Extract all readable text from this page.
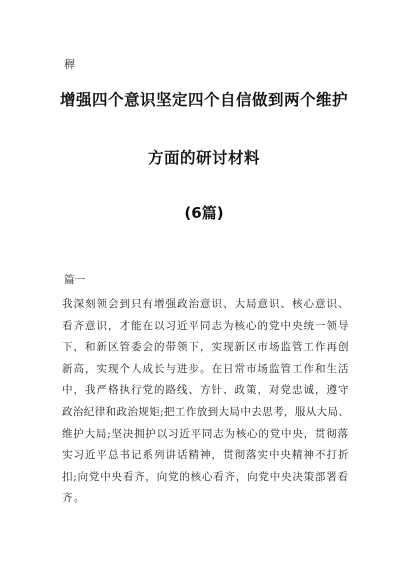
稺
增强四个意识坚定四个自信做到两个维护
方面的研讨材料
(6篇)
篇一
我深刻领会到只有增强政治意识、大局意识、核心意识、
看齐意识，才能在以习近平同志为核心的党中央统一领导
下，和新区管委会的带领下，实现新区市场监管工作再创
新高，实现个人成长与进步。在日常市场监管工作和生活
中，我严格执行党的路线、方针、政策，对党忠诚，遵守
政治纪律和政治规矩;把工作放到大局中去思考，服从大局、
维护大局;坚决拥护以习近平同志为核心的党中央，贯彻落
实习近平总书记系列讲话精神，贯彻落实中央精神不打折
扣;向党中央看齐，向党的核心看齐，向党中央决策部署看
齐。
